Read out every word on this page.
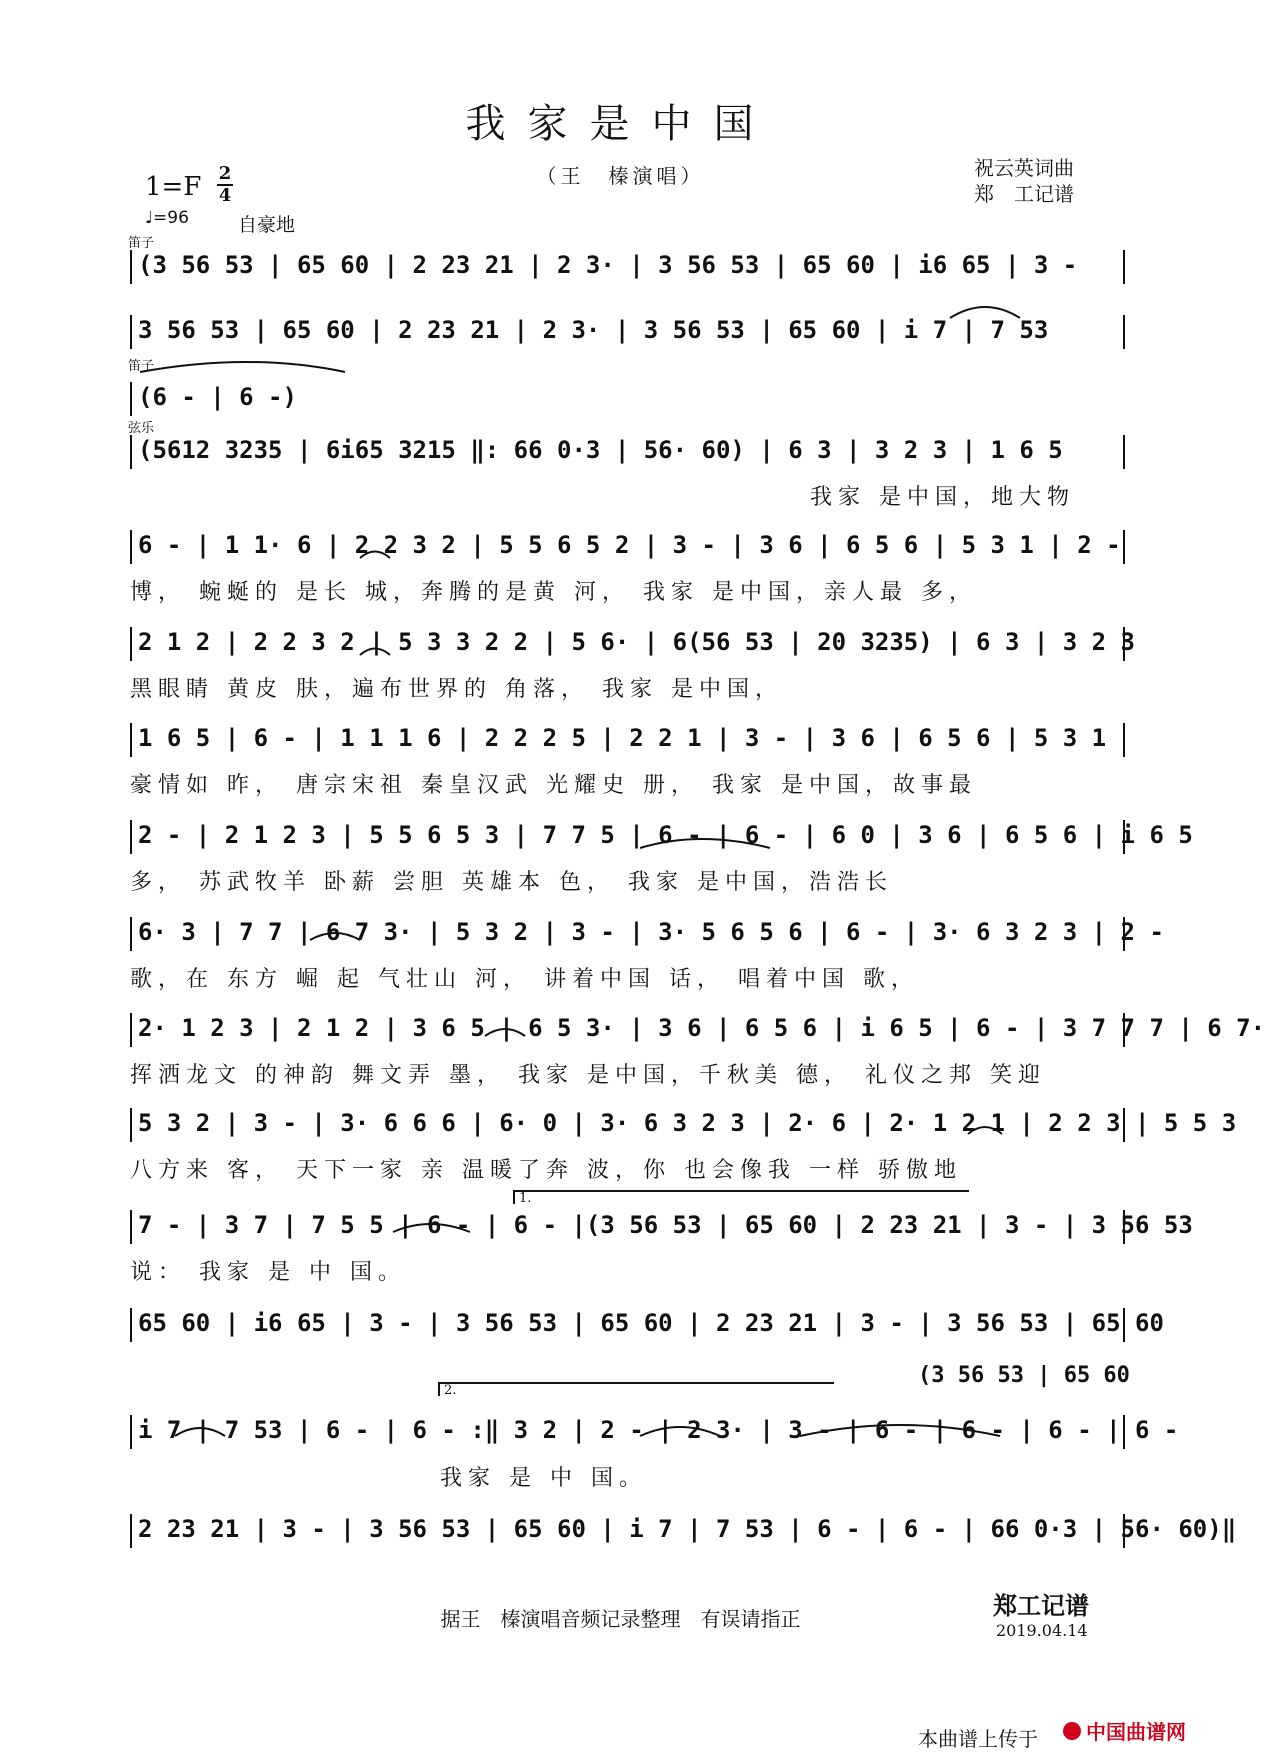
我家是中国
（王　榛演唱）
1=F 2
4
♩=96	自豪地
祝云英词曲
郑　工记谱
笛子
笛子
弦乐
(3 56 53 | 65 60 | 2 23 21 | 2 3· | 3 56 53 | 65 60 | i6 65 | 3 -
3 56 53 | 65 60 | 2 23 21 | 2 3· | 3 56 53 | 65 60 | i 7 | 7 53
(6 - | 6 -)
(5612 3235 | 6i65 3215 ‖: 66 0·3 | 56· 60) | 6 3 | 3 2 3 | 1 6 5
我家 是中国，地大物
6 - | 1 1· 6 | 2 2 3 2 | 5 5 6 5 2 | 3 - | 3 6 | 6 5 6 | 5 3 1 | 2 -
博， 蜿蜒的 是长 城，奔腾的是黄 河， 我家 是中国，亲人最 多，
2 1 2 | 2 2 3 2 | 5 3 3 2 2 | 5 6· | 6(56 53 | 20 3235) | 6 3 | 3 2 3
黑眼睛 黄皮 肤，遍布世界的 角落， 我家 是中国，
1 6 5 | 6 - | 1 1 1 6 | 2 2 2 5 | 2 2 1 | 3 - | 3 6 | 6 5 6 | 5 3 1
豪情如 昨， 唐宗宋祖 秦皇汉武 光耀史 册， 我家 是中国，故事最
2 - | 2 1 2 3 | 5 5 6 5 3 | 7 7 5 | 6 - | 6 - | 6 0 | 3 6 | 6 5 6 | i 6 5
多， 苏武牧羊 卧薪 尝胆 英雄本 色， 我家 是中国，浩浩长
6· 3 | 7 7 | 6 7 3· | 5 3 2 | 3 - | 3· 5 6 5 6 | 6 - | 3· 6 3 2 3 | 2 -
歌，在 东方 崛 起 气壮山 河， 讲着中国 话， 唱着中国 歌，
2· 1 2 3 | 2 1 2 | 3 6 5 | 6 5 3· | 3 6 | 6 5 6 | i 6 5 | 6 - | 3 7 7 7 | 6 7·
挥洒龙文 的神韵 舞文弄 墨， 我家 是中国，千秋美 德， 礼仪之邦 笑迎
5 3 2 | 3 - | 3· 6 6 6 | 6· 0 | 3· 6 3 2 3 | 2· 6 | 2· 1 2 1 | 2 2 3 | 5 5 3
八方来 客， 天下一家 亲 温暖了奔 波，你 也会像我 一样 骄傲地
1.
7 - | 3 7 | 7 5 5 | 6 - | 6 - |(3 56 53 | 65 60 | 2 23 21 | 3 - | 3 56 53
说： 我家 是 中 国。
65 60 | i6 65 | 3 - | 3 56 53 | 65 60 | 2 23 21 | 3 - | 3 56 53 | 65 60
(3 56 53 | 65 60
2.
i 7 | 7 53 | 6 - | 6 - :‖ 3 2 | 2 - | 2 3· | 3 - | 6 - | 6 - | 6 - | 6 -
我家 是 中 国。
2 23 21 | 3 - | 3 56 53 | 65 60 | i 7 | 7 53 | 6 - | 6 - | 66 0·3 | 56· 60)‖
据王　榛演唱音频记录整理　有误请指正	郑工记谱
2019.04.14
本曲谱上传于 中国曲谱网
